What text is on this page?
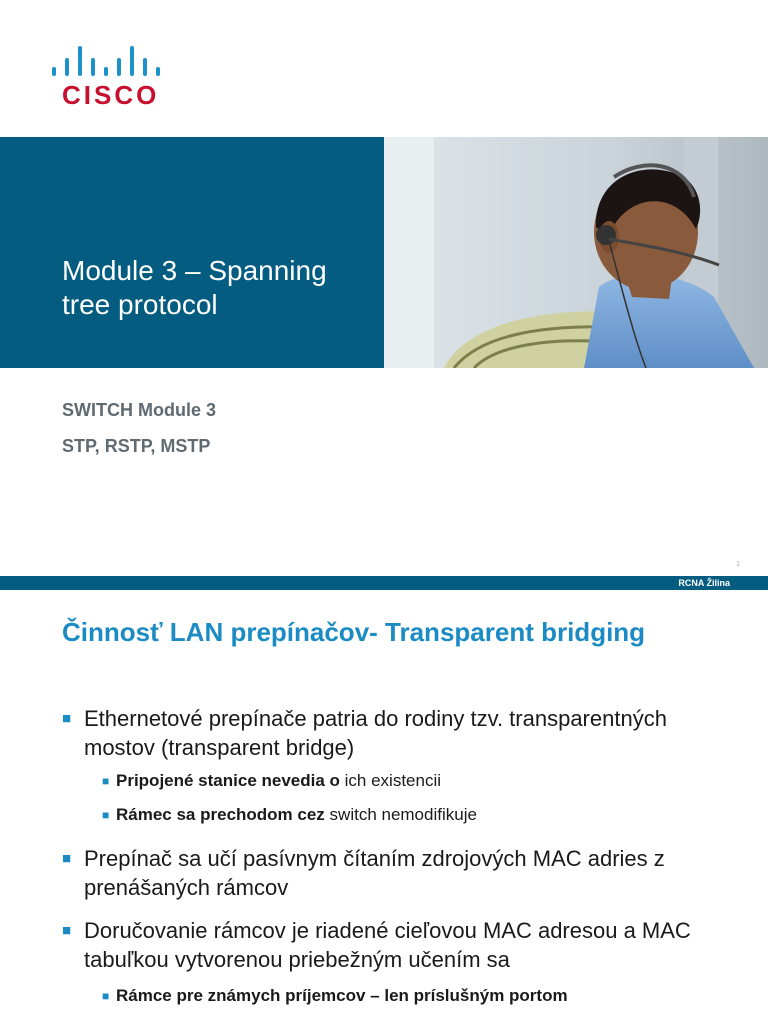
CISCO
Module 3 – Spanning tree protocol
SWITCH Module 3
STP, RSTP, MSTP
1
RCNA Žilina
Činnosť LAN prepínačov- Transparent bridging
■ Ethernetové prepínače patria do rodiny tzv. transparentných mostov (transparent bridge)
■ Pripojené stanice nevedia o ich existencii
■ Rámec sa prechodom cez switch nemodifikuje
■ Prepínač sa učí pasívnym čítaním zdrojových MAC adries z prenášaných rámcov
■ Doručovanie rámcov je riadené cieľovou MAC adresou a MAC tabuľkou vytvorenou priebežným učením sa
■ Rámce pre známych príjemcov – len príslušným portom
